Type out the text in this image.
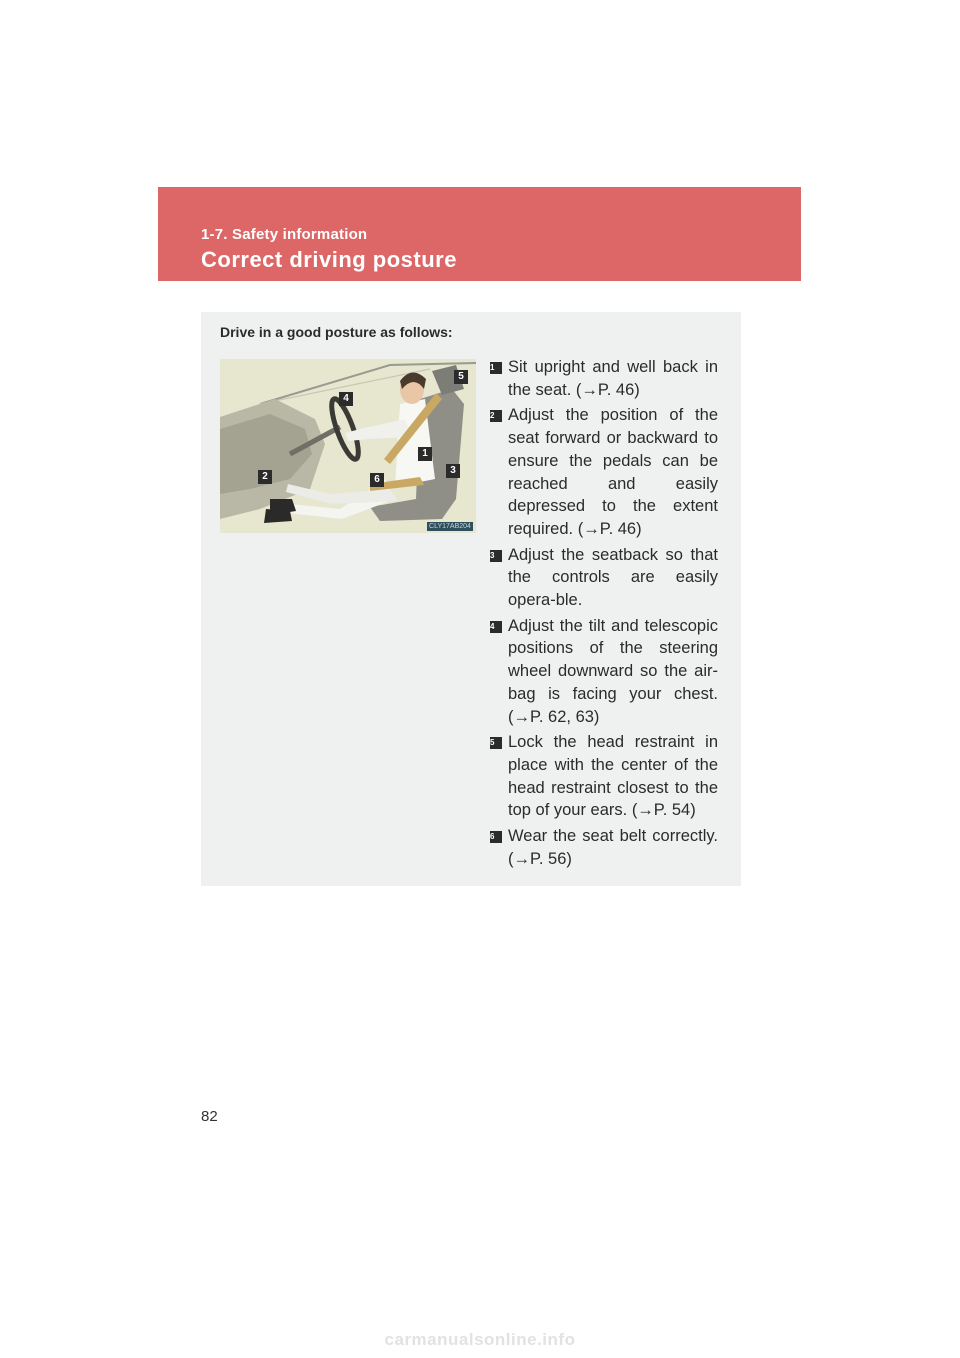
1-7. Safety information
Correct driving posture
Drive in a good posture as follows:
1
2
3
4
5
6
CLY17AB204
1 Sit upright and well back in the seat. (→P. 46)
2 Adjust the position of the seat forward or backward to ensure the pedals can be reached and easily depressed to the extent required. (→P. 46)
3 Adjust the seatback so that the controls are easily opera-ble.
4 Adjust the tilt and telescopic positions of the steering wheel downward so the air-bag is facing your chest. (→P. 62, 63)
5 Lock the head restraint in place with the center of the head restraint closest to the top of your ears. (→P. 54)
6 Wear the seat belt correctly. (→P. 56)
82
carmanualsonline.info
